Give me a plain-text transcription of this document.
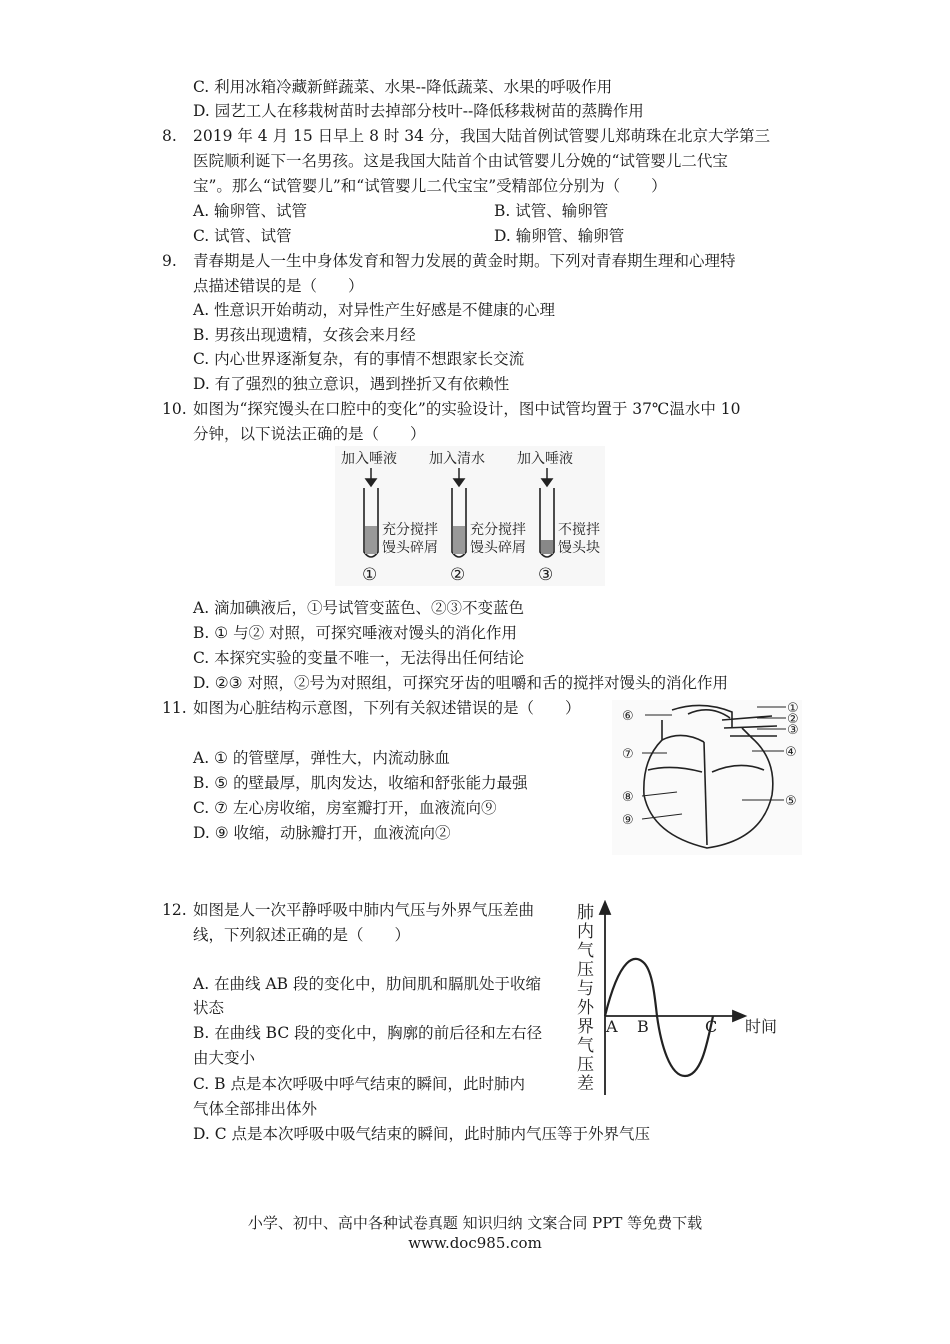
C. 利用冰箱冷藏新鲜蔬菜、水果--降低蔬菜、水果的呼吸作用
D. 园艺工人在移栽树苗时去掉部分枝叶--降低移栽树苗的蒸腾作用
8. 2019 年 4 月 15 日早上 8 时 34 分，我国大陆首例试管婴儿郑萌珠在北京大学第三
医院顺利诞下一名男孩。这是我国大陆首个由试管婴儿分娩的“试管婴儿二代宝
宝”。那么“试管婴儿”和“试管婴儿二代宝宝”受精部位分别为（　　）
A. 输卵管、试管	B. 试管、输卵管
C. 试管、试管	D. 输卵管、输卵管
9. 青春期是人一生中身体发育和智力发展的黄金时期。下列对青春期生理和心理特
点描述错误的是（　　）
A. 性意识开始萌动，对异性产生好感是不健康的心理
B. 男孩出现遗精，女孩会来月经
C. 内心世界逐渐复杂，有的事情不想跟家长交流
D. 有了强烈的独立意识，遇到挫折又有依赖性
10. 如图为“探究馒头在口腔中的变化”的实验设计，图中试管均置于 37℃温水中 10
分钟，以下说法正确的是（　　）
加入唾液 加入清水 加入唾液
充分搅拌
馒头碎屑
充分搅拌
馒头碎屑
不搅拌
馒头块
①	②	③
A. 滴加碘液后，①号试管变蓝色、②③不变蓝色
B. ① 与② 对照，可探究唾液对馒头的消化作用
C. 本探究实验的变量不唯一，无法得出任何结论
D. ②③ 对照，②号为对照组，可探究牙齿的咀嚼和舌的搅拌对馒头的消化作用
11. 如图为心脏结构示意图，下列有关叙述错误的是（　　）
A. ① 的管壁厚，弹性大，内流动脉血
B. ⑤ 的壁最厚，肌肉发达，收缩和舒张能力最强
C. ⑦ 左心房收缩，房室瓣打开，血液流向⑨
D. ⑨ 收缩，动脉瓣打开，血液流向②
⑥
①
②
③
⑦	④
⑧	⑤
⑨
12. 如图是人一次平静呼吸中肺内气压与外界气压差曲
线，下列叙述正确的是（　　）
A. 在曲线 AB 段的变化中，肋间肌和膈肌处于收缩
状态
B. 在曲线 BC 段的变化中，胸廓的前后径和左右径
由大变小
C. B 点是本次呼吸中呼气结束的瞬间，此时肺内
气体全部排出体外
D. C 点是本次呼吸中吸气结束的瞬间，此时肺内气压等于外界气压
肺
内
气
压
与
外
界
气
压
差
A B	C 时间
小学、初中、高中各种试卷真题 知识归纳 文案合同 PPT 等免费下载
www.doc985.com
